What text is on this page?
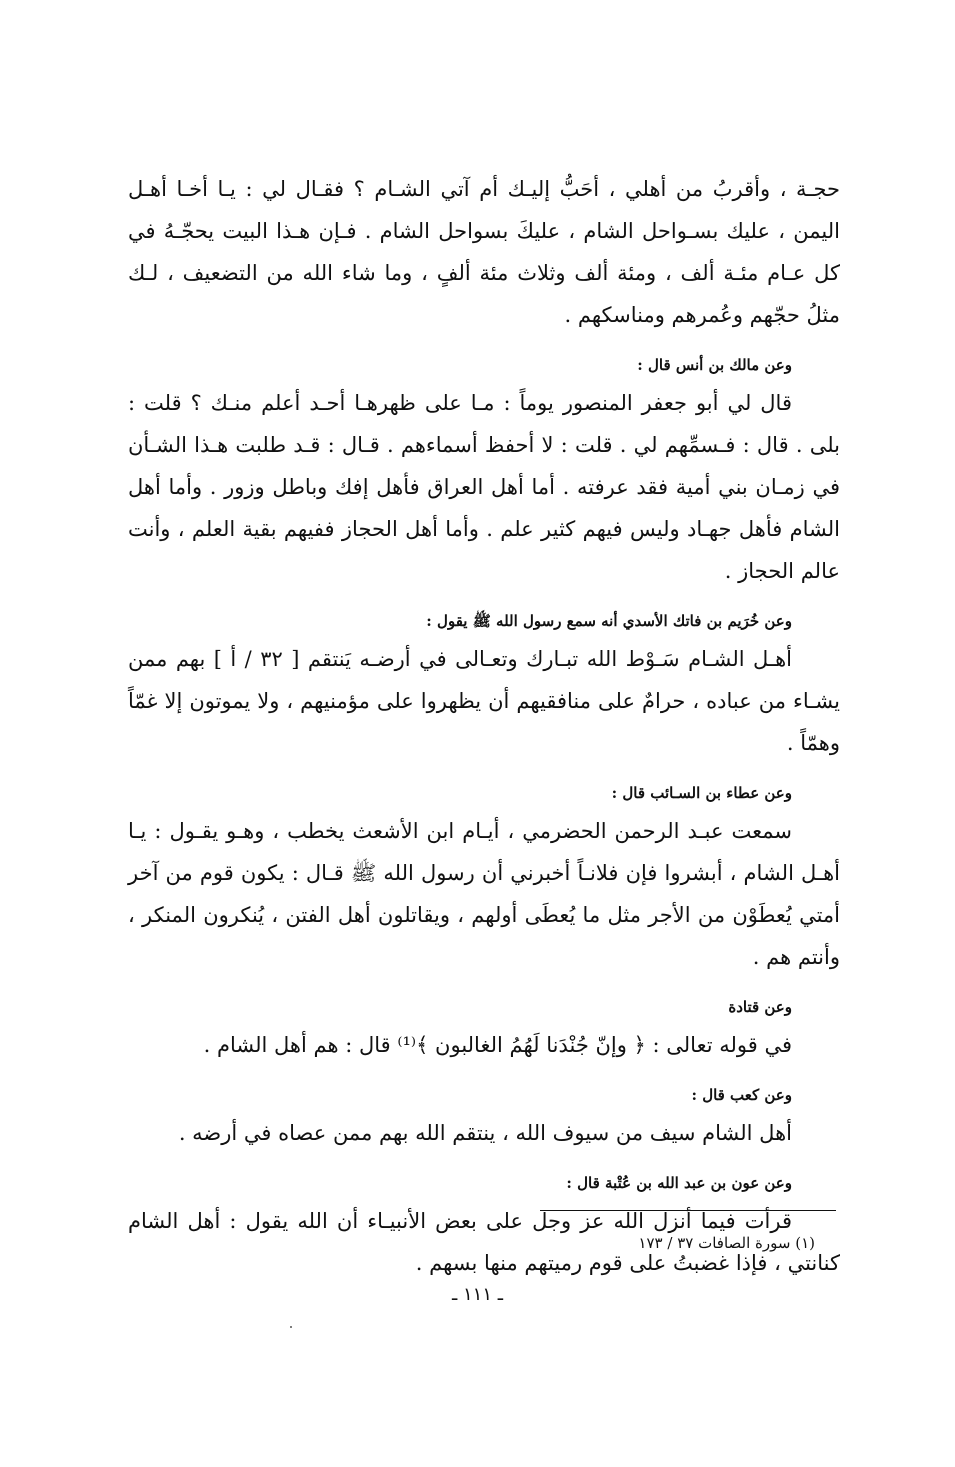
حجـة ، وأقربُ من أهلي ، أحَبُّ إليـك أم آتي الشـام ؟ فقـال لي : يـا أخـا أهـل اليمن ، عليك بسـواحل الشام ، عليكَ بسواحل الشام . فـإن هـذا البيت يحجّـهُ في كل عـام مئـة ألف ، ومئة ألف وثلاث مئة ألفٍ ، وما شاء الله من التضعيف ، لـك مثلُ حجّهم وعُمرهم ومناسكهم .

وعن مالك بن أنس قال :

قال لي أبو جعفر المنصور يوماً : مـا على ظهرهـا أحـد أعلم منـك ؟ قلت : بلى . قال : فـسمِّهم لي . قلت : لا أحفظ أسماءهم . قـال : قـد طلبت هـذا الشـأن في زمـان بني أمية فقد عرفته . أما أهل العراق فأهل إفك وباطل وزور . وأما أهل الشام فأهل جهـاد وليس فيهم كثير علم . وأما أهل الحجاز ففيهم بقية العلم ، وأنت عالم الحجاز .

وعن خُرَيم بن فاتك الأسدي أنه سمع رسول الله ﷺ يقول :

أهـل الشـام سَـوْط الله تبـارك وتعـالى في أرضـه يَنتقم [ ٣٢ / أ ] بهم ممن يشـاء من عباده ، حرامٌ على منافقيهم أن يظهروا على مؤمنيهم ، ولا يموتون إلا غمّاً وهمّاً .

وعن عطاء بن السـائب قال :

سمعت عبـد الرحمن الحضرمي ، أيـام ابن الأشعث يخطب ، وهـو يقـول : يـا أهـل الشام ، أبشروا فإن فلانـاً أخبرني أن رسول الله ﷺ قـال : يكون قوم من آخر أمتي يُعطَوْن من الأجر مثل ما يُعطَى أولهم ، ويقاتلون أهل الفتن ، يُنكرون المنكر ، وأنتم هم .

وعن قتادة

في قوله تعالى : ﴿ وإنّ جُنْدَنا لَهُمُ الغالبون ﴾⁽¹⁾ قال : هم أهل الشام .

وعن كعب قال :

أهل الشام سيف من سيوف الله ، ينتقم الله بهم ممن عصاه في أرضه .

وعن عون بن عبد الله بن عُتْبة قال :

قرأت فيما أنزل الله عز وجل على بعض الأنبيـاء أن الله يقول : أهل الشام كنانتي ، فإذا غضبتُ على قوم رميتهم منها بسهم .

(١) سورة الصافات ٣٧ / ١٧٣
ـ ١١١ ـ
